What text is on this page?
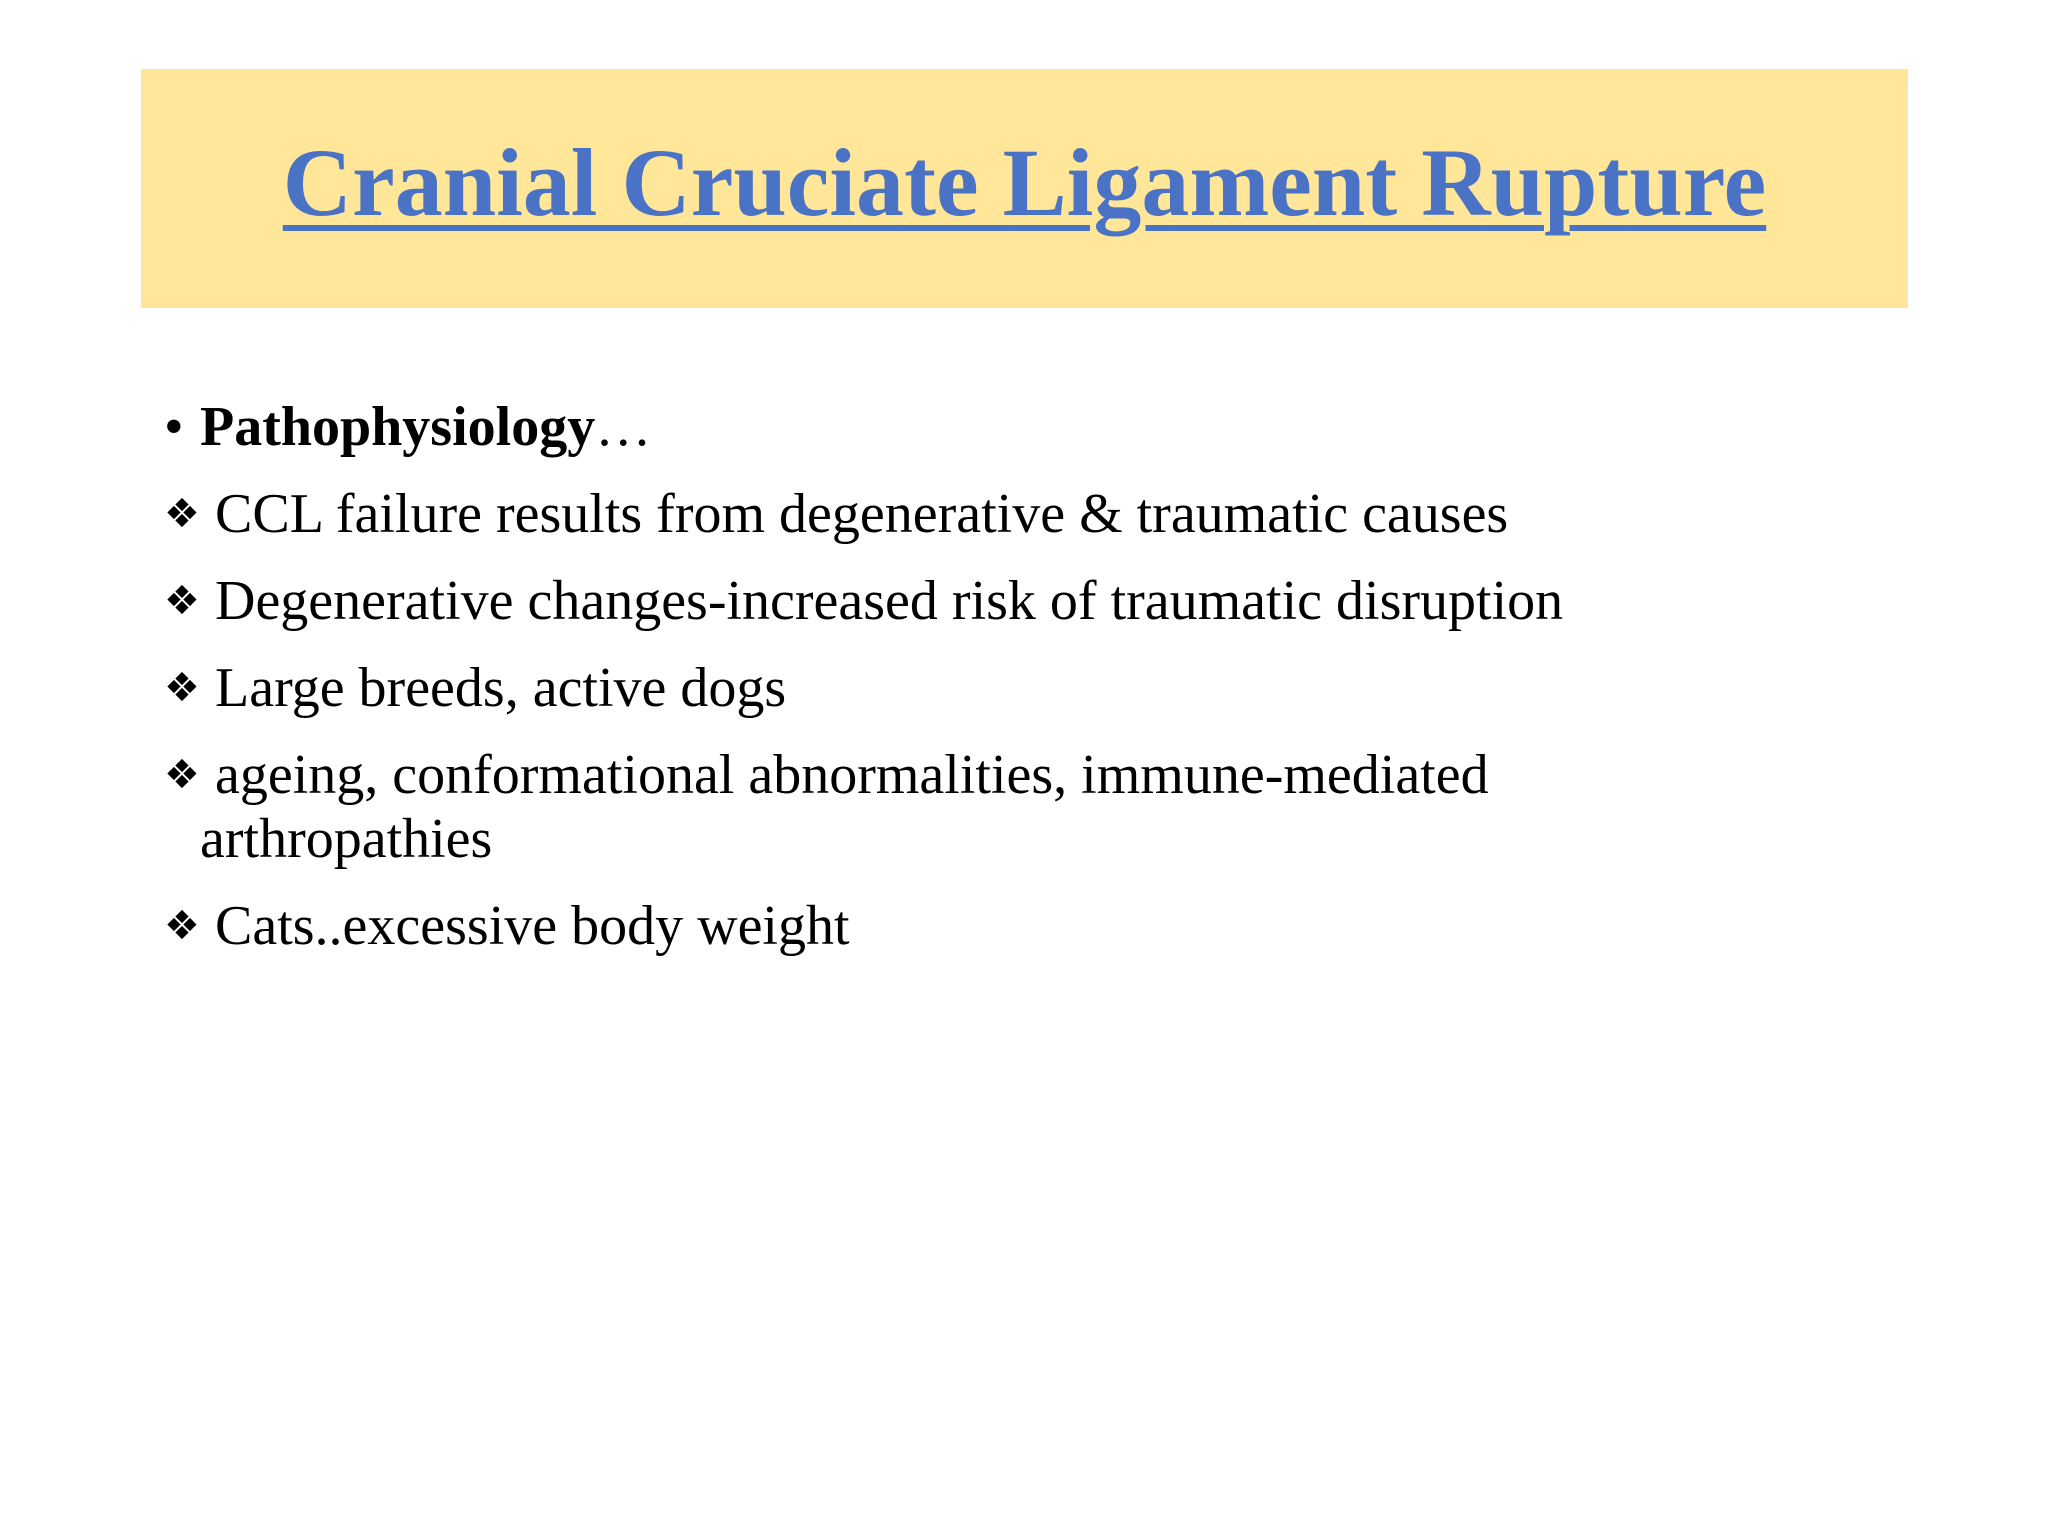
Cranial Cruciate Ligament Rupture
• Pathophysiology…
❖ CCL failure results from degenerative & traumatic causes
❖ Degenerative changes-increased risk of traumatic disruption
❖ Large breeds, active dogs
❖ ageing, conformational abnormalities, immune-mediated
arthropathies
❖ Cats..excessive body weight
